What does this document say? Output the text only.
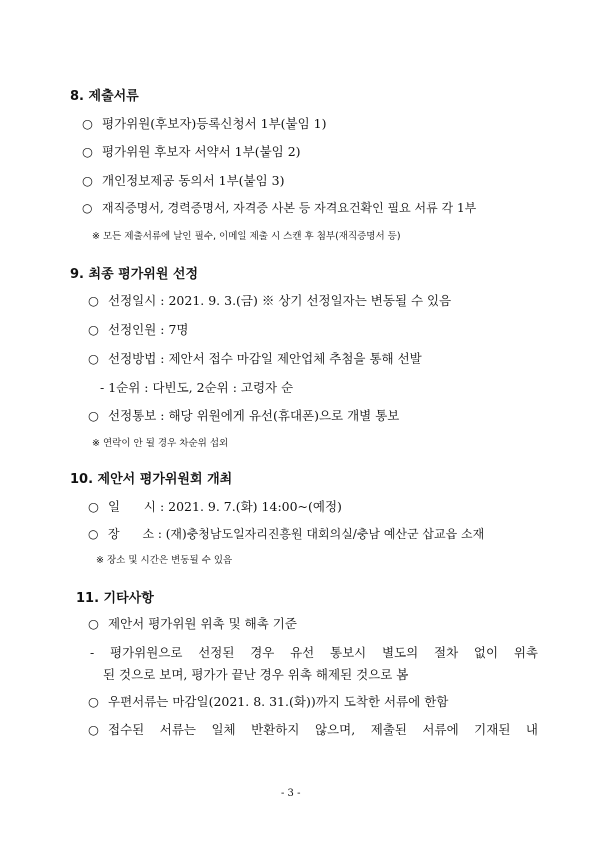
8. 제출서류
○ 평가위원(후보자)등록신청서 1부(붙임 1)
○ 평가위원 후보자 서약서 1부(붙임 2)
○ 개인정보제공 동의서 1부(붙임 3)
○ 재직증명서, 경력증명서, 자격증 사본 등 자격요건확인 필요 서류 각 1부
※ 모든 제출서류에 날인 필수, 이메일 제출 시 스캔 후 첨부(재직증명서 등)
9. 최종 평가위원 선정
○ 선정일시 : 2021. 9. 3.(금) ※ 상기 선정일자는 변동될 수 있음
○ 선정인원 : 7명
○ 선정방법 : 제안서 접수 마감일 제안업체 추첨을 통해 선발
- 1순위 : 다빈도, 2순위 : 고령자 순
○ 선정통보 : 해당 위원에게 유선(휴대폰)으로 개별 통보
※ 연락이 안 될 경우 차순위 섭외
10. 제안서 평가위원회 개최
○ 일      시 : 2021. 9. 7.(화) 14:00~(예정)
○ 장      소 : (재)충청남도일자리진흥원 대회의실/충남 예산군 삽교읍 소재
※ 장소 및 시간은 변동될 수 있음
11. 기타사항
○ 제안서 평가위원 위촉 및 해촉 기준
- 평가위원으로 선정된 경우 유선 통보시 별도의 절차 없이 위촉
된 것으로 보며, 평가가 끝난 경우 위촉 해제된 것으로 봄
○ 우편서류는 마감일(2021. 8. 31.(화))까지 도착한 서류에 한함
○ 접수된 서류는 일체 반환하지 않으며, 제출된 서류에 기재된 내
- 3 -
